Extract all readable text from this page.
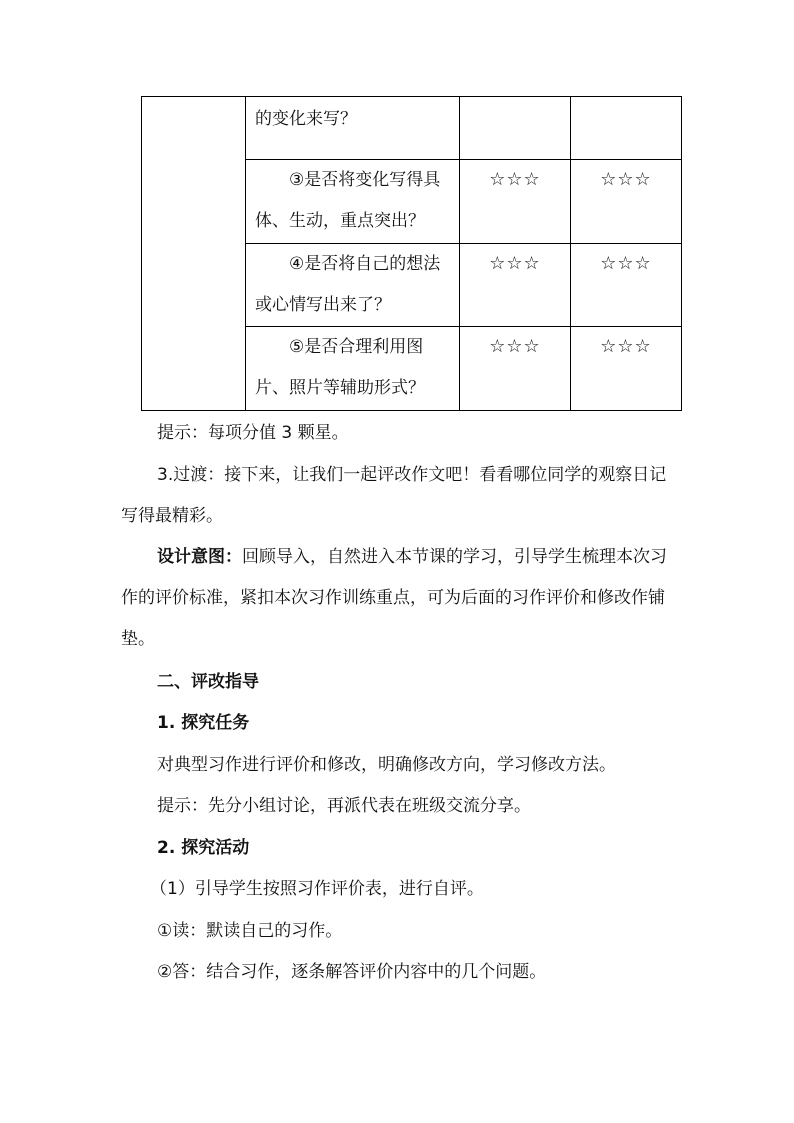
	的变化来写？		
	③是否将变化写得具体、生动，重点突出？	☆☆☆	☆☆☆
	④是否将自己的想法或心情写出来了？	☆☆☆	☆☆☆
	⑤是否合理利用图片、照片等辅助形式？	☆☆☆	☆☆☆

提示：每项分值 3 颗星。

3.过渡：接下来，让我们一起评改作文吧！看看哪位同学的观察日记写得最精彩。

设计意图：回顾导入，自然进入本节课的学习，引导学生梳理本次习作的评价标准，紧扣本次习作训练重点，可为后面的习作评价和修改作铺垫。

二、评改指导

1. 探究任务

对典型习作进行评价和修改，明确修改方向，学习修改方法。

提示：先分小组讨论，再派代表在班级交流分享。

2. 探究活动

（1）引导学生按照习作评价表，进行自评。

①读：默读自己的习作。

②答：结合习作，逐条解答评价内容中的几个问题。
